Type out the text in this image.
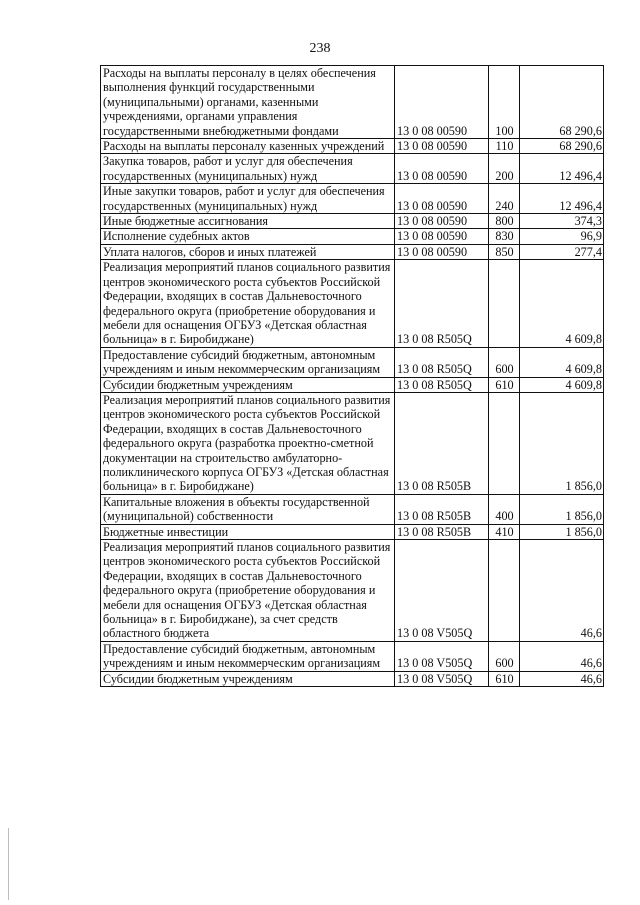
238
Расходы на выплаты персоналу в целях обеспечения выполнения функций государственными (муниципальными) органами, казенными учреждениями, органами управления государственными внебюджетными фондами	13 0 08 00590	100	68 290,6
Расходы на выплаты персоналу казенных учреждений	13 0 08 00590	110	68 290,6
Закупка товаров, работ и услуг для обеспечения государственных (муниципальных) нужд	13 0 08 00590	200	12 496,4
Иные закупки товаров, работ и услуг для обеспечения государственных (муниципальных) нужд	13 0 08 00590	240	12 496,4
Иные бюджетные ассигнования	13 0 08 00590	800	374,3
Исполнение судебных актов	13 0 08 00590	830	96,9
Уплата налогов, сборов и иных платежей	13 0 08 00590	850	277,4
Реализация мероприятий планов социального развития центров экономического роста субъектов Российской Федерации, входящих в состав Дальневосточного федерального округа (приобретение оборудования и мебели для оснащения ОГБУЗ «Детская областная больница» в г. Биробиджане)	13 0 08 R505Q		4 609,8
Предоставление субсидий бюджетным, автономным учреждениям и иным некоммерческим организациям	13 0 08 R505Q	600	4 609,8
Субсидии бюджетным учреждениям	13 0 08 R505Q	610	4 609,8
Реализация мероприятий планов социального развития центров экономического роста субъектов Российской Федерации, входящих в состав Дальневосточного федерального округа (разработка проектно-сметной документации на строительство амбулаторно-поликлинического корпуса ОГБУЗ «Детская областная больница» в г. Биробиджане)	13 0 08 R505B		1 856,0
Капитальные вложения в объекты государственной (муниципальной) собственности	13 0 08 R505B	400	1 856,0
Бюджетные инвестиции	13 0 08 R505B	410	1 856,0
Реализация мероприятий планов социального развития центров экономического роста субъектов Российской Федерации, входящих в состав Дальневосточного федерального округа (приобретение оборудования и мебели для оснащения ОГБУЗ «Детская областная больница» в г. Биробиджане), за счет средств областного бюджета	13 0 08 V505Q		46,6
Предоставление субсидий бюджетным, автономным учреждениям и иным некоммерческим организациям	13 0 08 V505Q	600	46,6
Субсидии бюджетным учреждениям	13 0 08 V505Q	610	46,6
